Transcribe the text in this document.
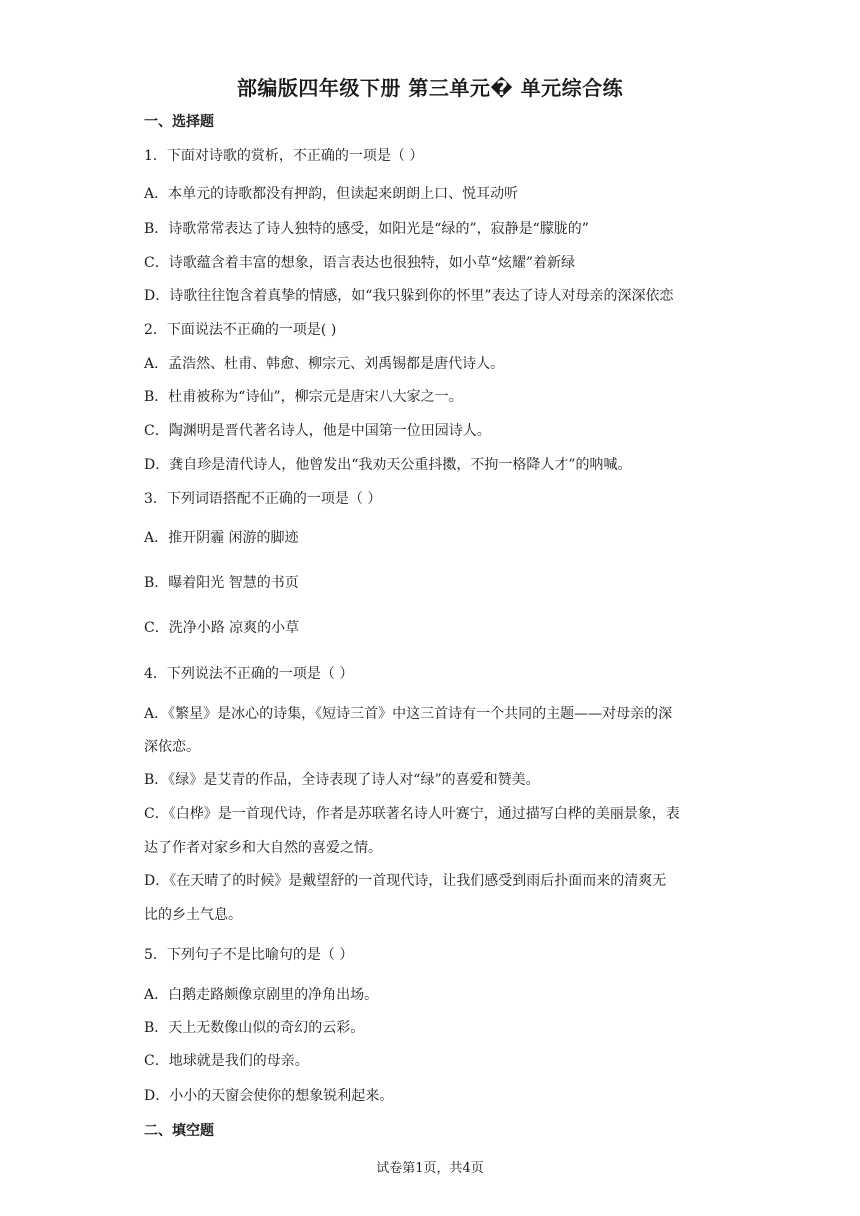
部编版四年级下册 第三单元� 单元综合练
一、选择题
1．下面对诗歌的赏析，不正确的一项是（ ）
A．本单元的诗歌都没有押韵，但读起来朗朗上口、悦耳动听
B．诗歌常常表达了诗人独特的感受，如阳光是“绿的”，寂静是“朦胧的”
C．诗歌蕴含着丰富的想象，语言表达也很独特，如小草“炫耀”着新绿
D．诗歌往往饱含着真挚的情感，如“我只躲到你的怀里”表达了诗人对母亲的深深依恋
2．下面说法不正确的一项是( )
A．孟浩然、杜甫、韩愈、柳宗元、刘禹锡都是唐代诗人。
B．杜甫被称为“诗仙”，柳宗元是唐宋八大家之一。
C．陶渊明是晋代著名诗人，他是中国第一位田园诗人。
D．龚自珍是清代诗人，他曾发出“我劝天公重抖擞，不拘一格降人才”的呐喊。
3．下列词语搭配不正确的一项是（ ）
A．推开阴霾 闲游的脚迹
B．曝着阳光 智慧的书页
C．洗净小路 凉爽的小草
4．下列说法不正确的一项是（ ）
A．《繁星》是冰心的诗集，《短诗三首》中这三首诗有一个共同的主题——对母亲的深
深依恋。
B．《绿》是艾青的作品，全诗表现了诗人对“绿”的喜爱和赞美。
C．《白桦》是一首现代诗，作者是苏联著名诗人叶赛宁，通过描写白桦的美丽景象，表
达了作者对家乡和大自然的喜爱之情。
D．《在天晴了的时候》是戴望舒的一首现代诗，让我们感受到雨后扑面而来的清爽无
比的乡土气息。
5．下列句子不是比喻句的是（ ）
A．白鹅走路颇像京剧里的净角出场。
B．天上无数像山似的奇幻的云彩。
C．地球就是我们的母亲。
D．小小的天窗会使你的想象锐利起来。
二、填空题
试卷第1页，共4页
